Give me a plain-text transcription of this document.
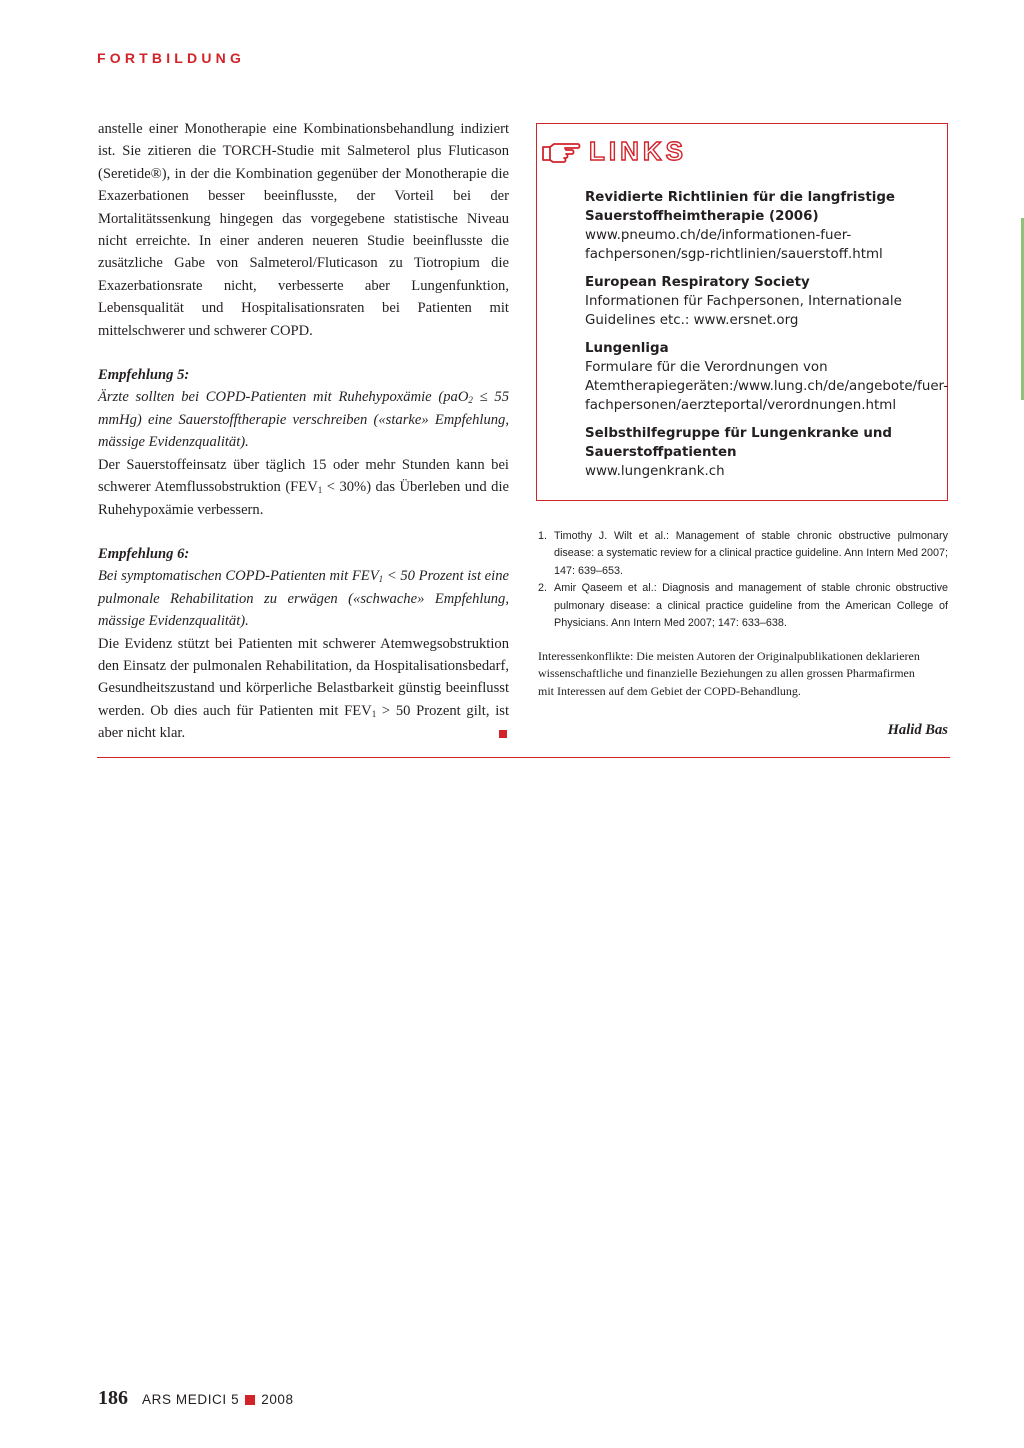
FORTBILDUNG

anstelle einer Monotherapie eine Kombinationsbehandlung indiziert ist. Sie zitieren die TORCH-Studie mit Salmeterol plus Fluticason (Seretide®), in der die Kombination gegenüber der Monotherapie die Exazerbationen besser beeinflusste, der Vorteil bei der Mortalitätssenkung hingegen das vorgegebene statistische Niveau nicht erreichte. In einer anderen neueren Studie beeinflusste die zusätzliche Gabe von Salmeterol/Fluticason zu Tiotropium die Exazerbationsrate nicht, verbesserte aber Lungenfunktion, Lebensqualität und Hospitalisationsraten bei Patienten mit mittelschwerer und schwerer COPD.

Empfehlung 5:

Ärzte sollten bei COPD-Patienten mit Ruhehypoxämie (paO$_2$ ≤ 55 mmHg) eine Sauerstofftherapie verschreiben («starke» Empfehlung, mässige Evidenzqualität).

Der Sauerstoffeinsatz über täglich 15 oder mehr Stunden kann bei schwerer Atemflussobstruktion $(FEV_1 < 30\%)$ das Überleben und die Ruhehypoxämie verbessern.

Empfehlung 6:

Bei symptomatischen COPD-Patienten mit $FEV_1 < 50$ Prozent ist eine pulmonale Rehabilitation zu erwägen («schwache» Empfehlung, mässige Evidenzqualität).

Die Evidenz stützt bei Patienten mit schwerer Atemwegsobstruktion den Einsatz der pulmonalen Rehabilitation, da Hospitalisationsbedarf, Gesundheitszustand und körperliche Belastbarkeit günstig beeinflusst werden. Ob dies auch für Patienten mit $FEV_1 > 50$ Prozent gilt, ist aber nicht klar.

LINKS
Revidierte Richtlinien für die langfristige Sauerstoffheimtherapie (2006)
www.pneumo.ch/de/informationen-fuer-fachpersonen/sgp-richtlinien/sauerstoff.html
European Respiratory Society
Informationen für Fachpersonen, Internationale Guidelines etc.: www.ersnet.org
Lungenliga
Formulare für die Verordnungen von Atemtherapiegeräten:/www.lung.ch/de/angebote/fuer-fachpersonen/aerzteportal/verordnungen.html
Selbsthilfegruppe für Lungenkranke und Sauerstoffpatienten
www.lungenkrank.ch
1. Timothy J. Wilt et al.: Management of stable chronic obstructive pulmonary disease: a systematic review for a clinical practice guideline. Ann Intern Med 2007; 147: 639–653.
2. Amir Qaseem et al.: Diagnosis and management of stable chronic obstructive pulmonary disease: a clinical practice guideline from the American College of Physicians. Ann Intern Med 2007; 147: 633–638.
Interessenkonflikte: Die meisten Autoren der Originalpublikationen deklarieren wissenschaftliche und finanzielle Beziehungen zu allen grossen Pharmafirmen mit Interessen auf dem Gebiet der COPD-Behandlung.
Halid Bas
186 ARS MEDICI 5 2008
